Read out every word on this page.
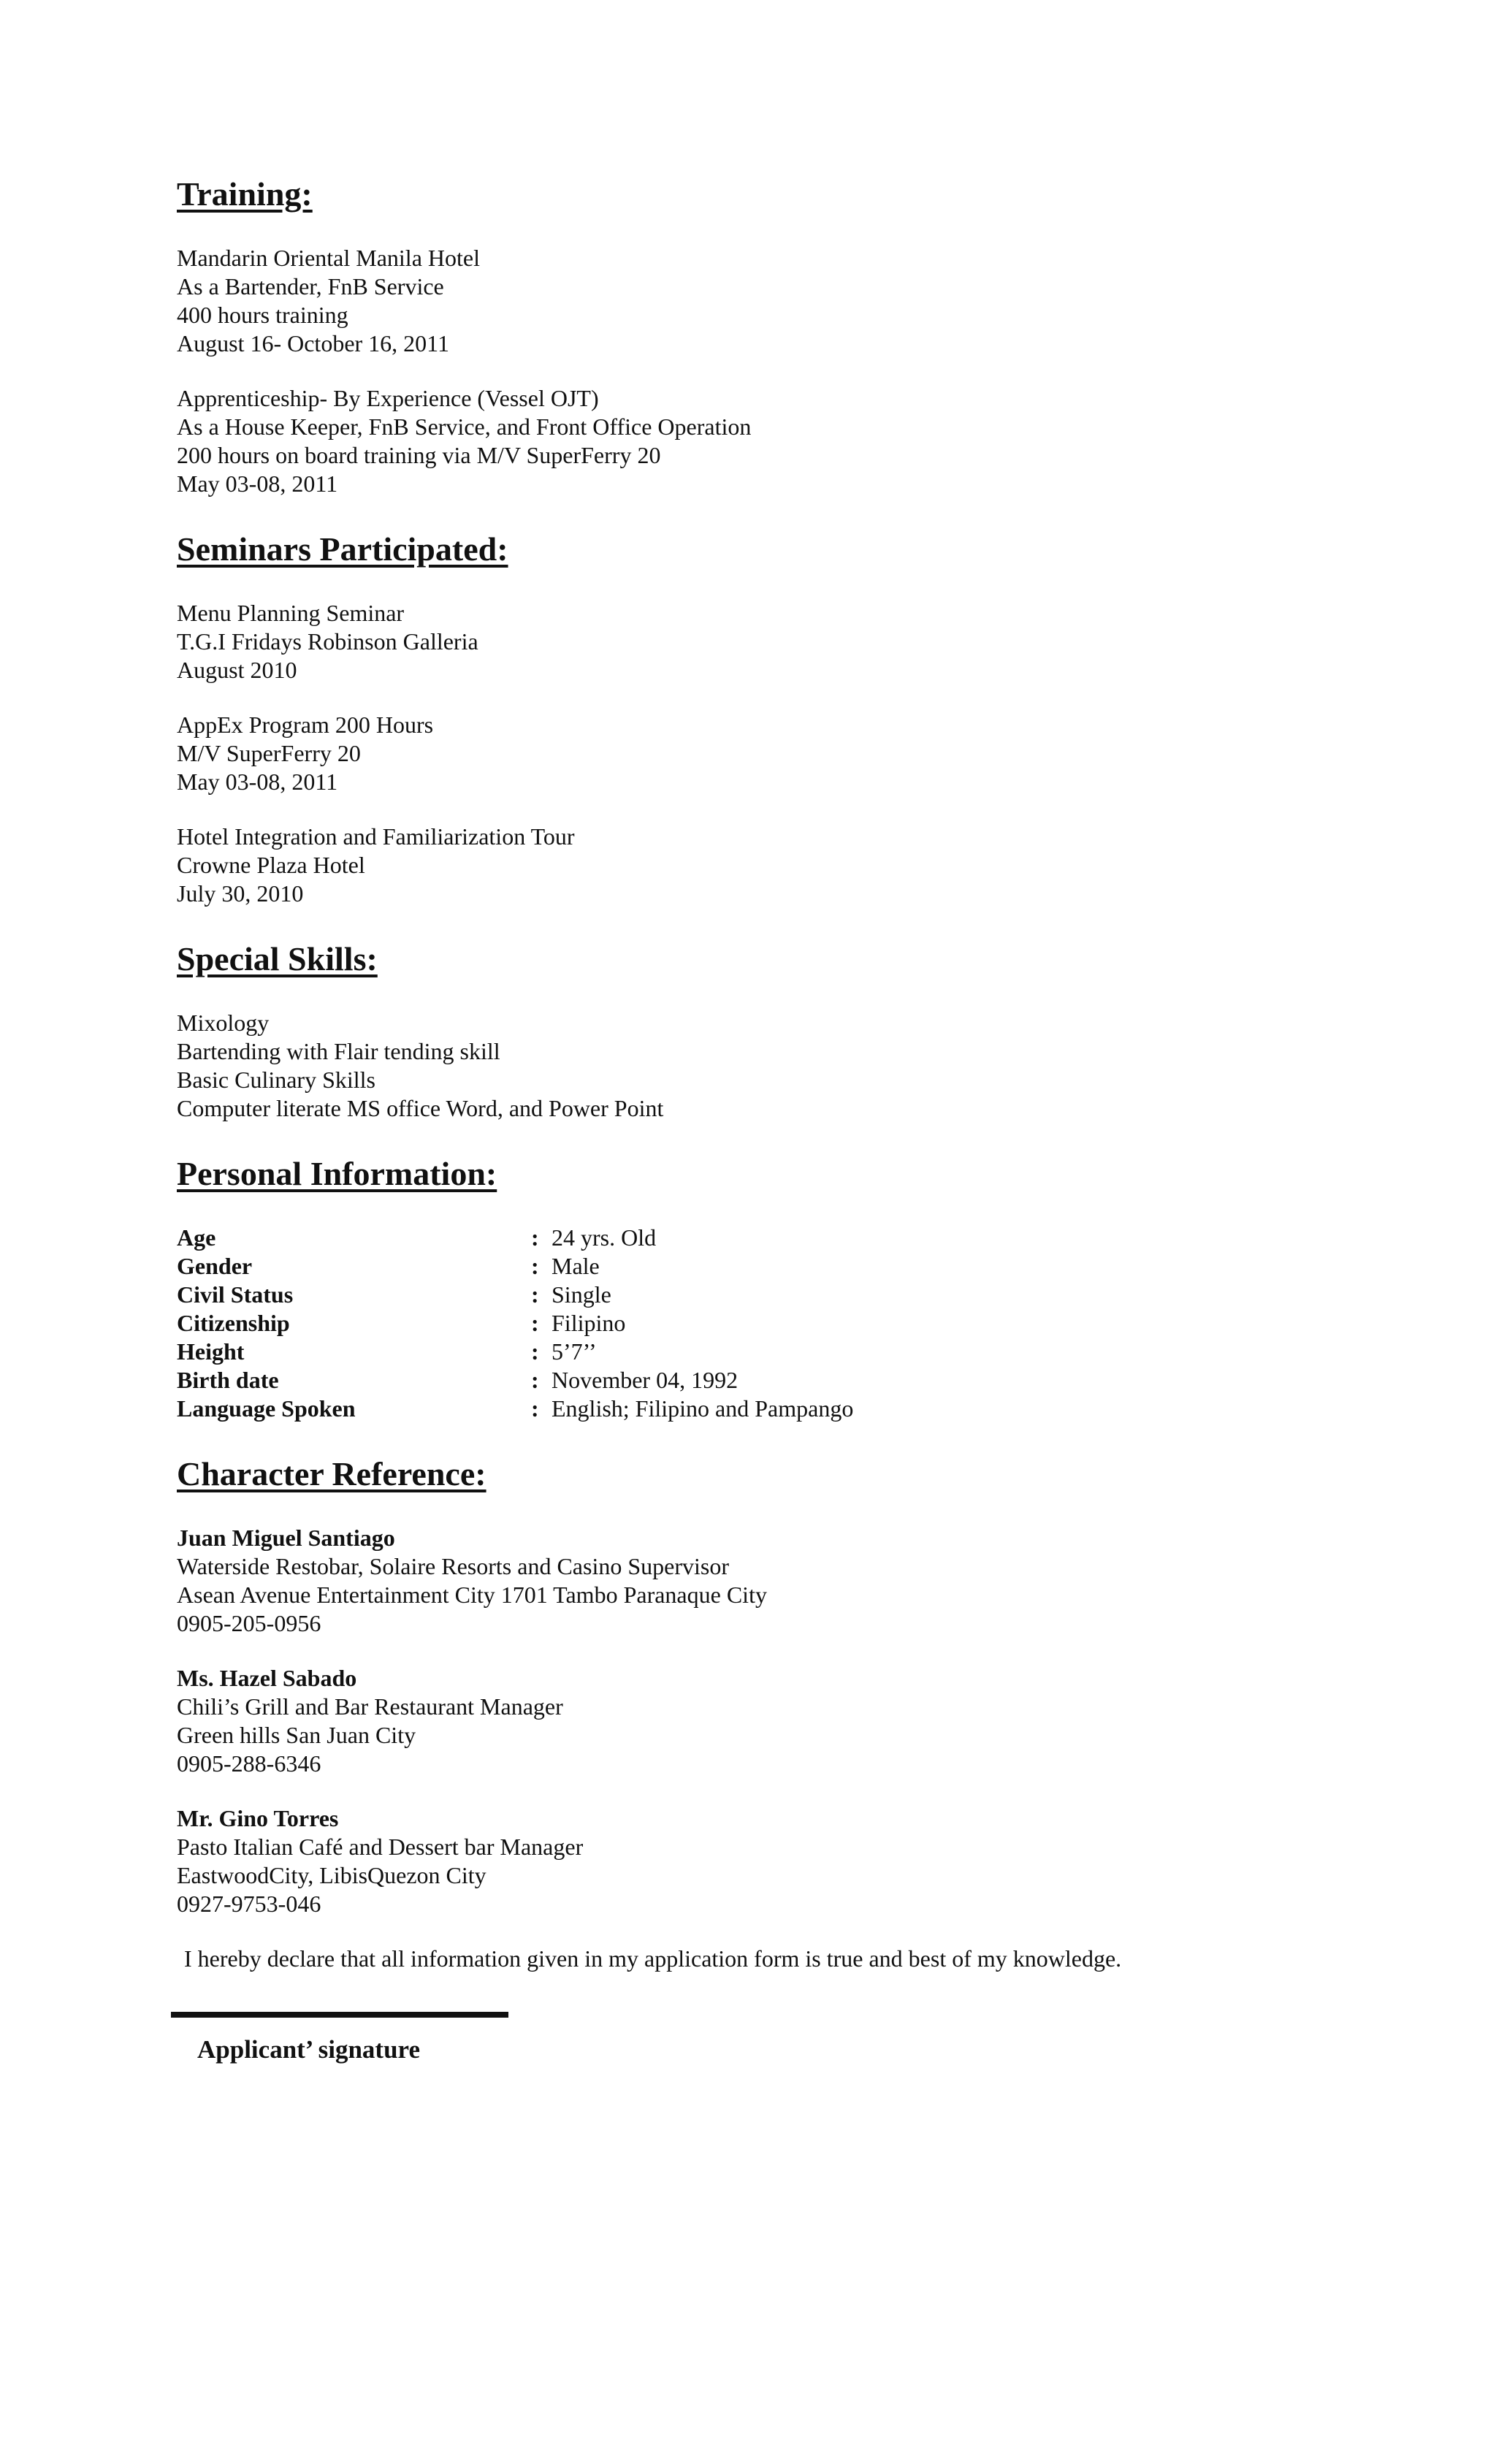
Training:
Mandarin Oriental Manila Hotel
As a Bartender, FnB Service
400 hours training
August 16- October 16, 2011
Apprenticeship- By Experience (Vessel OJT)
As a House Keeper, FnB Service, and Front Office Operation
200 hours on board training via M/V SuperFerry 20
May 03-08, 2011
Seminars Participated:
Menu Planning Seminar
T.G.I Fridays Robinson Galleria
August 2010
AppEx Program 200 Hours
M/V SuperFerry 20
May 03-08, 2011
Hotel Integration and Familiarization Tour
Crowne Plaza Hotel
July 30, 2010
Special Skills:
Mixology
Bartending with Flair tending skill
Basic Culinary Skills
Computer literate MS office Word, and Power Point
Personal Information:
Age	: 24 yrs. Old
Gender	: Male
Civil Status	: Single
Citizenship	: Filipino
Height	: 5’7’’
Birth date	: November 04, 1992
Language Spoken	: English; Filipino and Pampango
Character Reference:
Juan Miguel Santiago
Waterside Restobar, Solaire Resorts and Casino Supervisor
Asean Avenue Entertainment City 1701 Tambo Paranaque City
0905-205-0956
Ms. Hazel Sabado
Chili’s Grill and Bar Restaurant Manager
Green hills San Juan City
0905-288-6346
Mr. Gino Torres
Pasto Italian Café and Dessert bar Manager
EastwoodCity, LibisQuezon City
0927-9753-046
I hereby declare that all information given in my application form is true and best of my knowledge.
Applicant’ signature
